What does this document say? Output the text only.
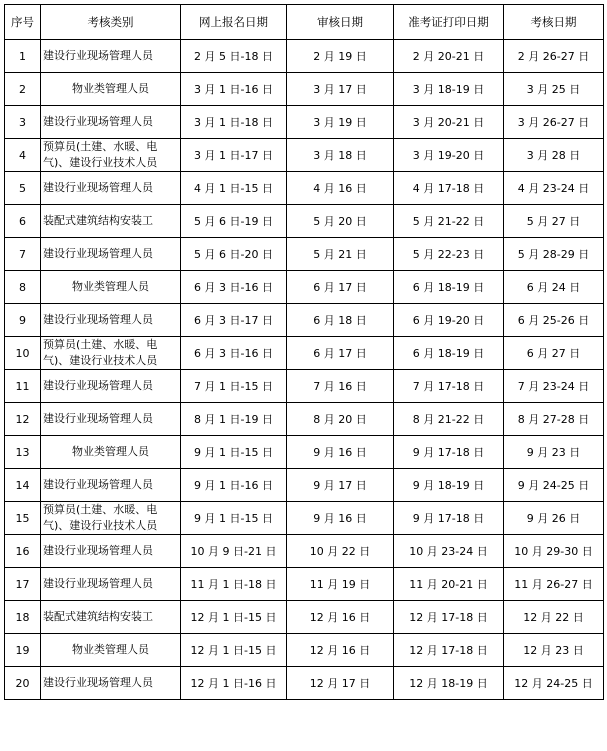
序号	考核类别	网上报名日期	审核日期	准考证打印日期	考核日期
1	建设行业现场管理人员	2 月 5 日-18 日	2 月 19 日	2 月 20-21 日	2 月 26-27 日
2	物业类管理人员	3 月 1 日-16 日	3 月 17 日	3 月 18-19 日	3 月 25 日
3	建设行业现场管理人员	3 月 1 日-18 日	3 月 19 日	3 月 20-21 日	3 月 26-27 日
4	预算员(土建、水暖、电气)、建设行业技术人员	3 月 1 日-17 日	3 月 18 日	3 月 19-20 日	3 月 28 日
5	建设行业现场管理人员	4 月 1 日-15 日	4 月 16 日	4 月 17-18 日	4 月 23-24 日
6	装配式建筑结构安装工	5 月 6 日-19 日	5 月 20 日	5 月 21-22 日	5 月 27 日
7	建设行业现场管理人员	5 月 6 日-20 日	5 月 21 日	5 月 22-23 日	5 月 28-29 日
8	物业类管理人员	6 月 3 日-16 日	6 月 17 日	6 月 18-19 日	6 月 24 日
9	建设行业现场管理人员	6 月 3 日-17 日	6 月 18 日	6 月 19-20 日	6 月 25-26 日
10	预算员(土建、水暖、电气)、建设行业技术人员	6 月 3 日-16 日	6 月 17 日	6 月 18-19 日	6 月 27 日
11	建设行业现场管理人员	7 月 1 日-15 日	7 月 16 日	7 月 17-18 日	7 月 23-24 日
12	建设行业现场管理人员	8 月 1 日-19 日	8 月 20 日	8 月 21-22 日	8 月 27-28 日
13	物业类管理人员	9 月 1 日-15 日	9 月 16 日	9 月 17-18 日	9 月 23 日
14	建设行业现场管理人员	9 月 1 日-16 日	9 月 17 日	9 月 18-19 日	9 月 24-25 日
15	预算员(土建、水暖、电气)、建设行业技术人员	9 月 1 日-15 日	9 月 16 日	9 月 17-18 日	9 月 26 日
16	建设行业现场管理人员	10 月 9 日-21 日	10 月 22 日	10 月 23-24 日	10 月 29-30 日
17	建设行业现场管理人员	11 月 1 日-18 日	11 月 19 日	11 月 20-21 日	11 月 26-27 日
18	装配式建筑结构安装工	12 月 1 日-15 日	12 月 16 日	12 月 17-18 日	12 月 22 日
19	物业类管理人员	12 月 1 日-15 日	12 月 16 日	12 月 17-18 日	12 月 23 日
20	建设行业现场管理人员	12 月 1 日-16 日	12 月 17 日	12 月 18-19 日	12 月 24-25 日
